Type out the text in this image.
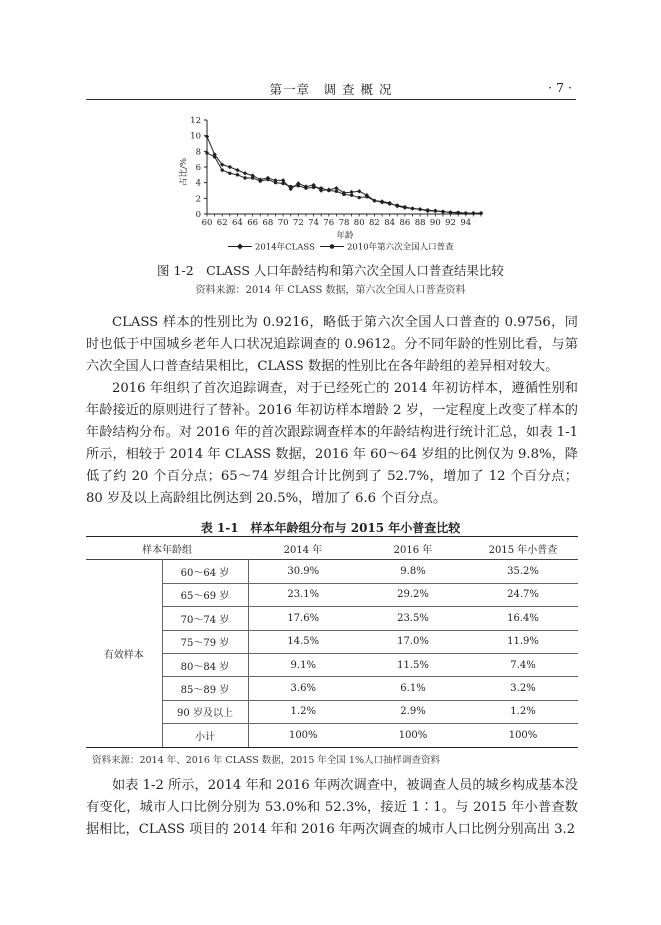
第一章　调 查 概 况	· 7 ·
0
2
4
6
8
10
12
60 62 64 66 68 70 72 74 76 78 80 82 84 86 88 90 92 94
占比/%
年龄
2014年CLASS	2010年第六次全国人口普查
图 1-2　CLASS 人口年龄结构和第六次全国人口普查结果比较
资料来源：2014 年 CLASS 数据，第六次全国人口普查资料

CLASS 样本的性别比为 0.9216，略低于第六次全国人口普查的 0.9756，同时也低于中国城乡老年人口状况追踪调查的 0.9612。分不同年龄的性别比看，与第六次全国人口普查结果相比，CLASS 数据的性别比在各年龄组的差异相对较大。

2016 年组织了首次追踪调查，对于已经死亡的 2014 年初访样本，遵循性别和年龄接近的原则进行了替补。2016 年初访样本增龄 2 岁，一定程度上改变了样本的年龄结构分布。对 2016 年的首次跟踪调查样本的年龄结构进行统计汇总，如表 1-1 所示，相较于 2014 年 CLASS 数据，2016 年 60～64 岁组的比例仅为 9.8%，降低了约 20 个百分点；65～74 岁组合计比例到了 52.7%，增加了 12 个百分点；80 岁及以上高龄组比例达到 20.5%，增加了 6.6 个百分点。

表 1-1　样本年龄组分布与 2015 年小普查比较
样本年龄组		2014 年	2016 年	2015 年小普查
有效样本	60～64 岁	30.9%	9.8%	35.2%
	65～69 岁	23.1%	29.2%	24.7%
	70～74 岁	17.6%	23.5%	16.4%
	75～79 岁	14.5%	17.0%	11.9%
	80～84 岁	9.1%	11.5%	7.4%
	85～89 岁	3.6%	6.1%	3.2%
	90 岁及以上	1.2%	2.9%	1.2%
	小计	100%	100%	100%
资料来源：2014 年、2016 年 CLASS 数据，2015 年全国 1%人口抽样调查资料

如表 1-2 所示，2014 年和 2016 年两次调查中，被调查人员的城乡构成基本没有变化，城市人口比例分别为 53.0%和 52.3%，接近 1∶1。与 2015 年小普查数据相比，CLASS 项目的 2014 年和 2016 年两次调查的城市人口比例分别高出 3.2
